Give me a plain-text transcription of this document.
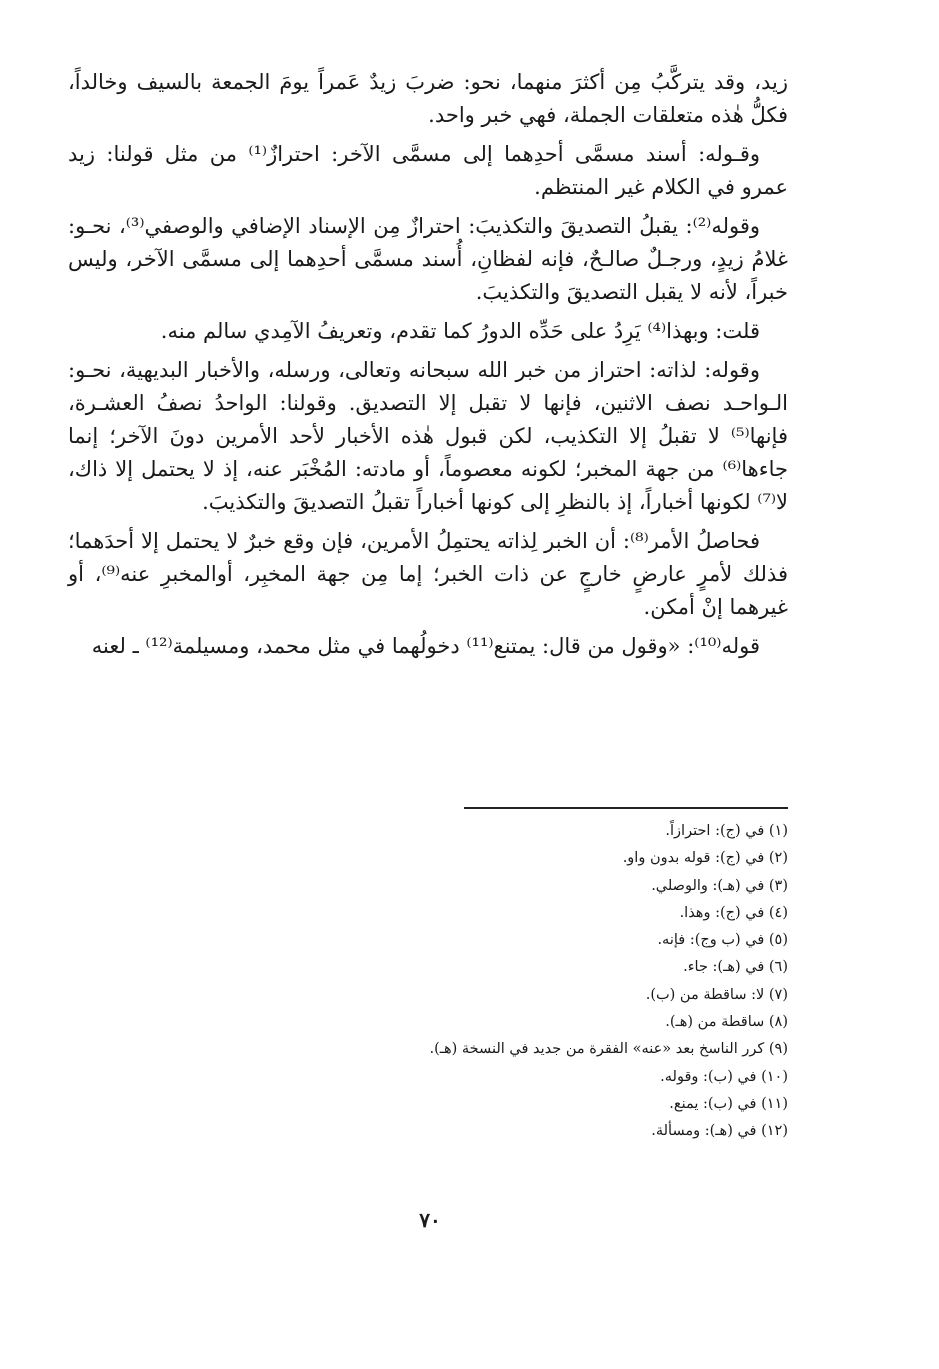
زيد، وقد يتركَّبُ مِن أكثرَ منهما، نحو: ضربَ زيدٌ عَمراً يومَ الجمعة بالسيف وخالداً، فكلُّ هٰذه متعلقات الجملة، فهي خبر واحد.

وقـوله: أسند مسمَّى أحدِهما إلى مسمَّى الآخر: احترازٌ⁽¹⁾ من مثل قولنا: زيد عمرو في الكلام غير المنتظم.

وقوله⁽²⁾: يقبلُ التصديقَ والتكذيبَ: احترازٌ مِن الإسناد الإضافي والوصفي⁽³⁾، نحـو: غلامُ زيدٍ، ورجـلٌ صالـحٌ، فإنه لفظانِ، أُسند مسمَّى أحدِهما إلى مسمَّى الآخر، وليس خبراً، لأنه لا يقبل التصديقَ والتكذيبَ.

قلت: وبهذا⁽⁴⁾ يَرِدُ على حَدِّه الدورُ كما تقدم، وتعريفُ الآمِدي سالم منه.

وقوله: لذاته: احتراز من خبر الله سبحانه وتعالى، ورسله، والأخبار البديهية، نحـو: الـواحـد نصف الاثنين، فإنها لا تقبل إلا التصديق. وقولنا: الواحدُ نصفُ العشـرة، فإنها⁽⁵⁾ لا تقبلُ إلا التكذيب، لكن قبول هٰذه الأخبار لأحد الأمرين دونَ الآخر؛ إنما جاءها⁽⁶⁾ من جهة المخبر؛ لكونه معصوماً، أو مادته: المُخْبَر عنه، إذ لا يحتمل إلا ذاك، لا⁽⁷⁾ لكونها أخباراً، إذ بالنظرِ إلى كونها أخباراً تقبلُ التصديقَ والتكذيبَ.

فحاصلُ الأمر⁽⁸⁾: أن الخبر لِذاته يحتمِلُ الأمرين، فإن وقع خبرٌ لا يحتمل إلا أحدَهما؛ فذلك لأمرٍ عارضٍ خارجٍ عن ذات الخبر؛ إما مِن جهة المخبِر، أوالمخبرِ عنه⁽⁹⁾، أو غيرهما إنْ أمكن.

قوله⁽¹⁰⁾: «وقول من قال: يمتنع⁽¹¹⁾ دخولُهما في مثل محمد، ومسيلمة⁽¹²⁾ ـ لعنه

(١) في (ج): احترازاً.
(٢) في (ج): قوله بدون واو.
(٣) في (هـ): والوصلي.
(٤) في (ج): وهذا.
(٥) في (ب وج): فإنه.
(٦) في (هـ): جاء.
(٧) لا: ساقطة من (ب).
(٨) ساقطة من (هـ).
(٩) كرر الناسخ بعد «عنه» الفقرة من جديد في النسخة (هـ).
(١٠) في (ب): وقوله.
(١١) في (ب): يمنع.
(١٢) في (هـ): ومسألة.
٧٠
